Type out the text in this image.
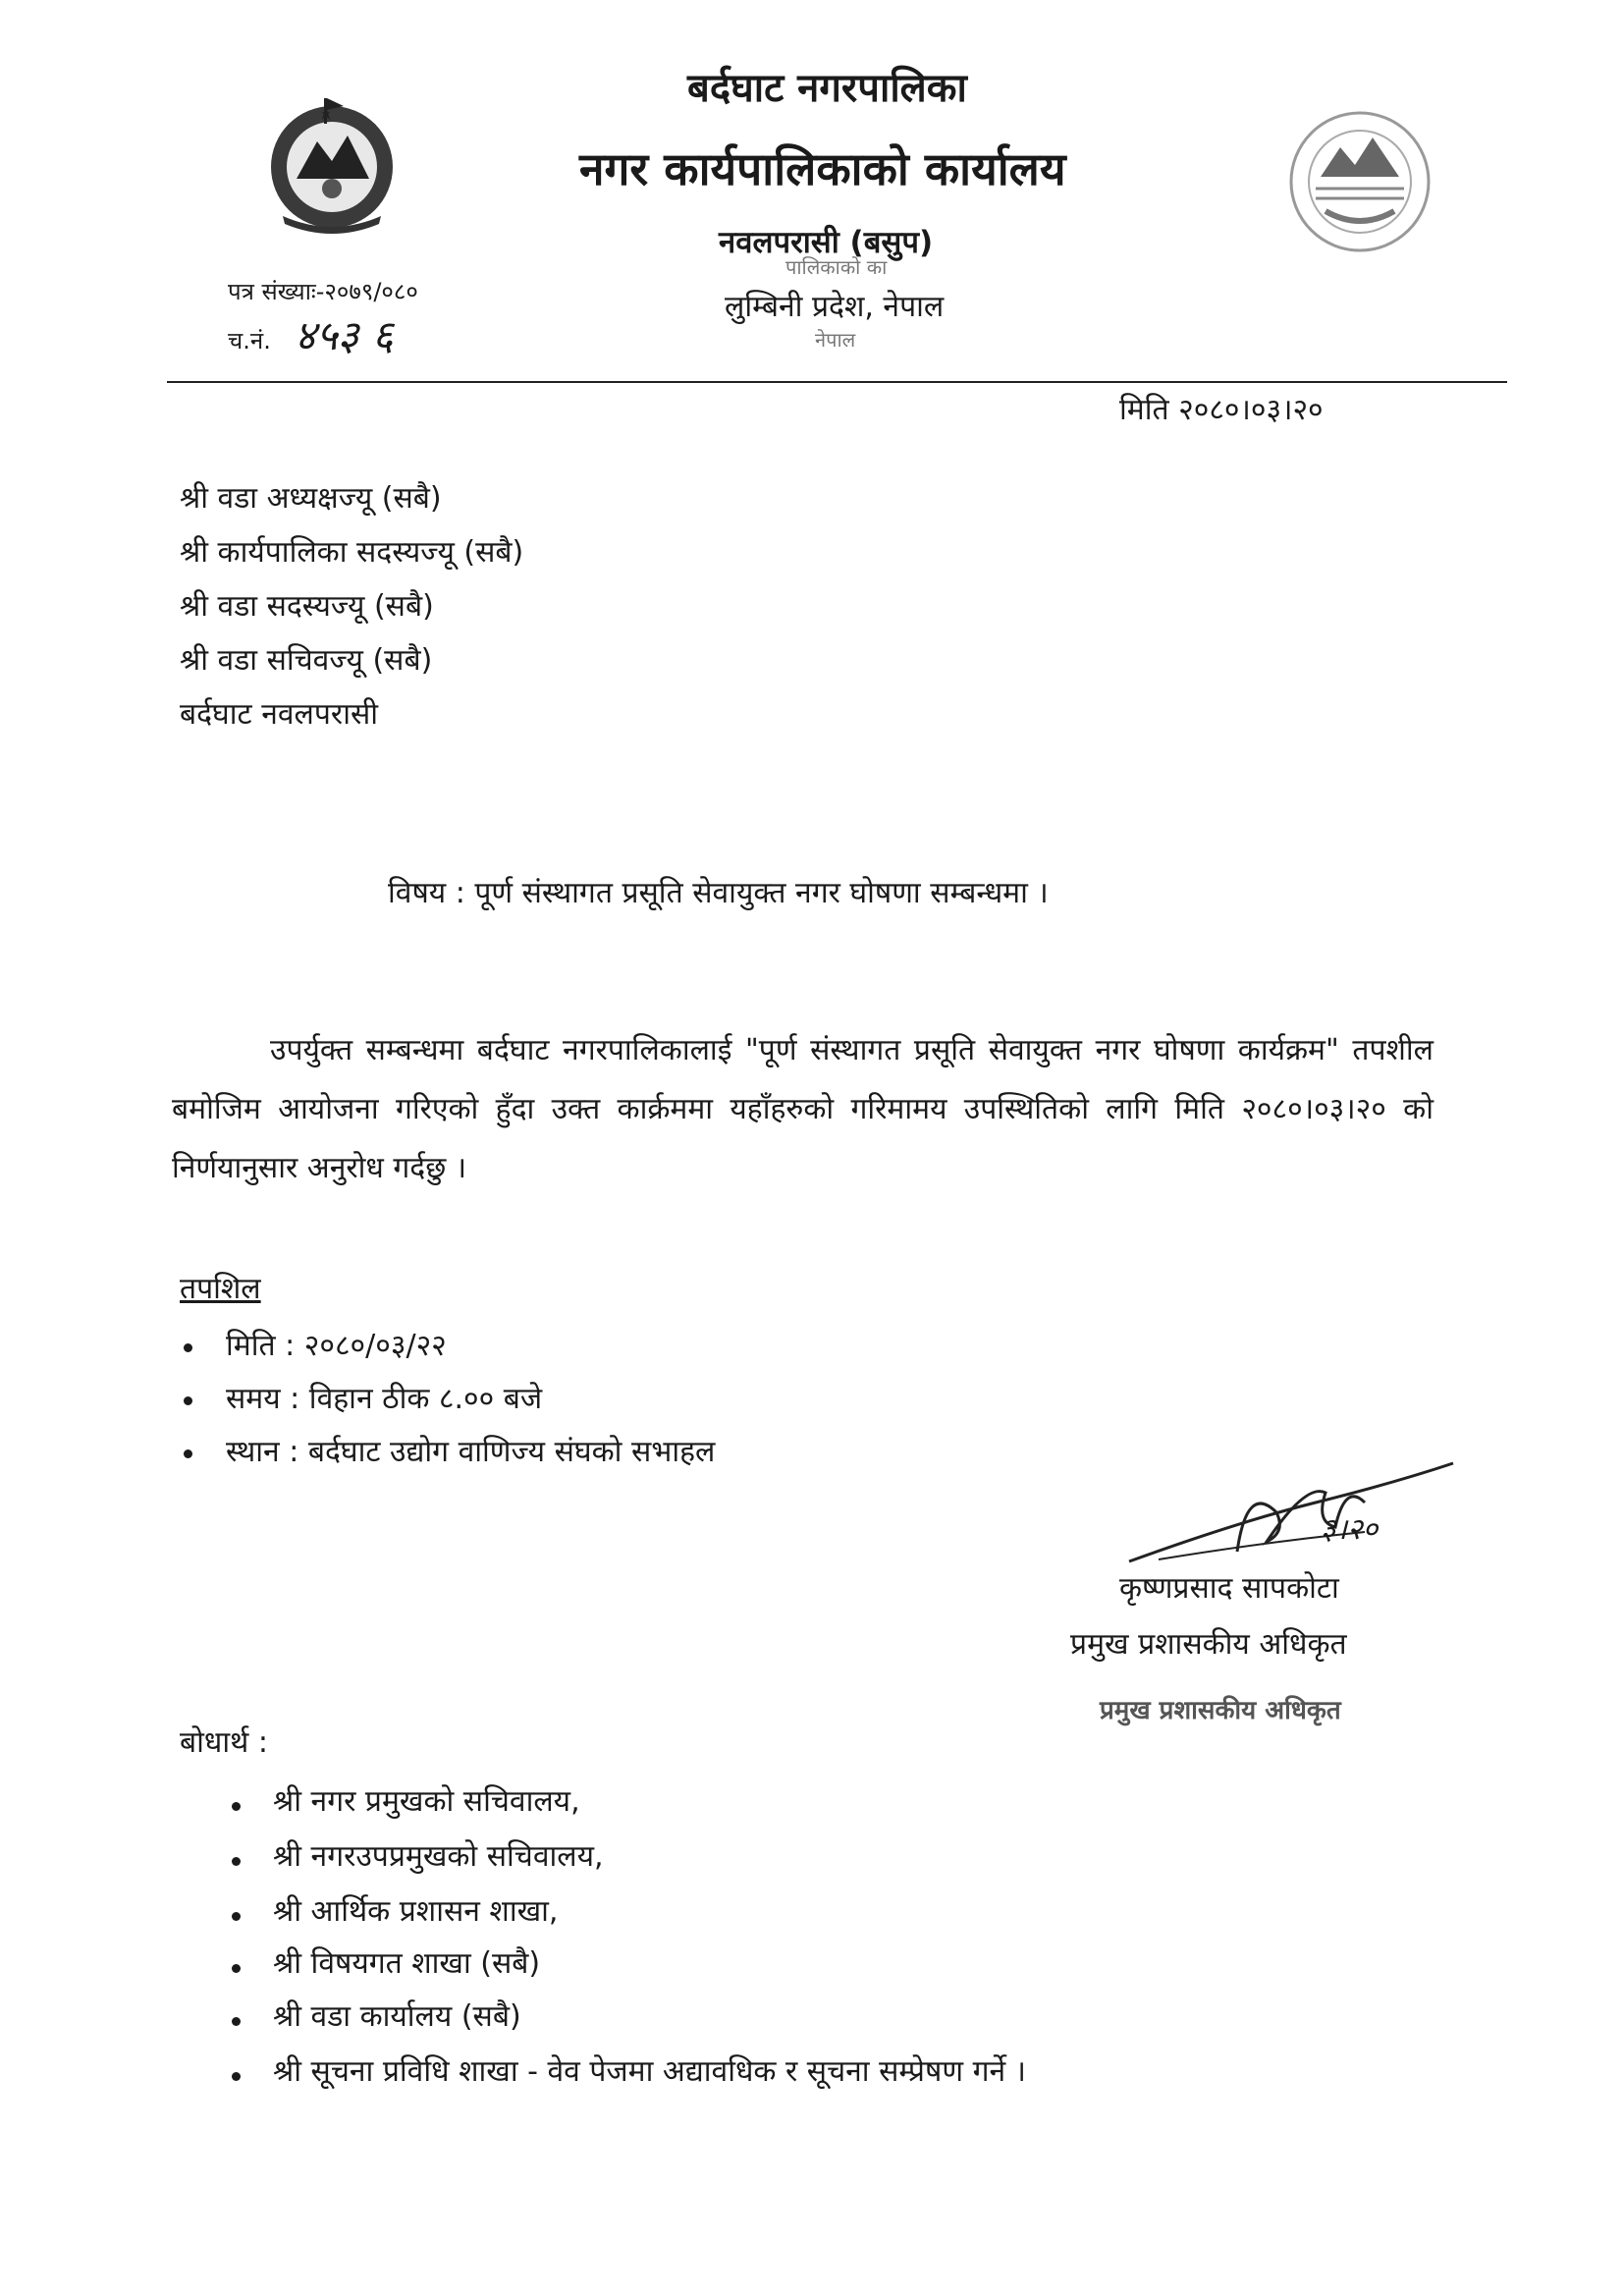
बर्दघाट नगरपालिका
नगर कार्यपालिकाको कार्यालय
नवलपरासी (बसुप)
लुम्बिनी प्रदेश, नेपाल
पालिकाको का
नेपाल
पत्र संख्याः-२०७९/०८०
च.नं. ४५३ ६
मिति २०८०।०३।२०
श्री वडा अध्यक्षज्यू (सबै)
श्री कार्यपालिका सदस्यज्यू (सबै)
श्री वडा सदस्यज्यू (सबै)
श्री वडा सचिवज्यू (सबै)
बर्दघाट नवलपरासी
विषय : पूर्ण संस्थागत प्रसूति सेवायुक्त नगर घोषणा सम्बन्धमा ।
उपर्युक्त सम्बन्धमा बर्दघाट नगरपालिकालाई "पूर्ण संस्थागत प्रसूति सेवायुक्त नगर घोषणा कार्यक्रम" तपशील बमोजिम आयोजना गरिएको हुँदा उक्त कार्क्रममा यहाँहरुको गरिमामय उपस्थितिको लागि मिति २०८०।०३।२० को निर्णयानुसार अनुरोध गर्दछु ।
तपशिल
मिति : २०८०/०३/२२
समय : विहान ठीक ८.०० बजे
स्थान : बर्दघाट उद्योग वाणिज्य संघको सभाहल
३।२०
कृष्णप्रसाद सापकोटा
प्रमुख प्रशासकीय अधिकृत
प्रमुख प्रशासकीय अधिकृत
बोधार्थ :
श्री नगर प्रमुखको सचिवालय,
श्री नगरउपप्रमुखको सचिवालय,
श्री आर्थिक प्रशासन शाखा,
श्री विषयगत शाखा (सबै)
श्री वडा कार्यालय (सबै)
श्री सूचना प्रविधि शाखा - वेव पेजमा अद्यावधिक र सूचना सम्प्रेषण गर्ने ।
